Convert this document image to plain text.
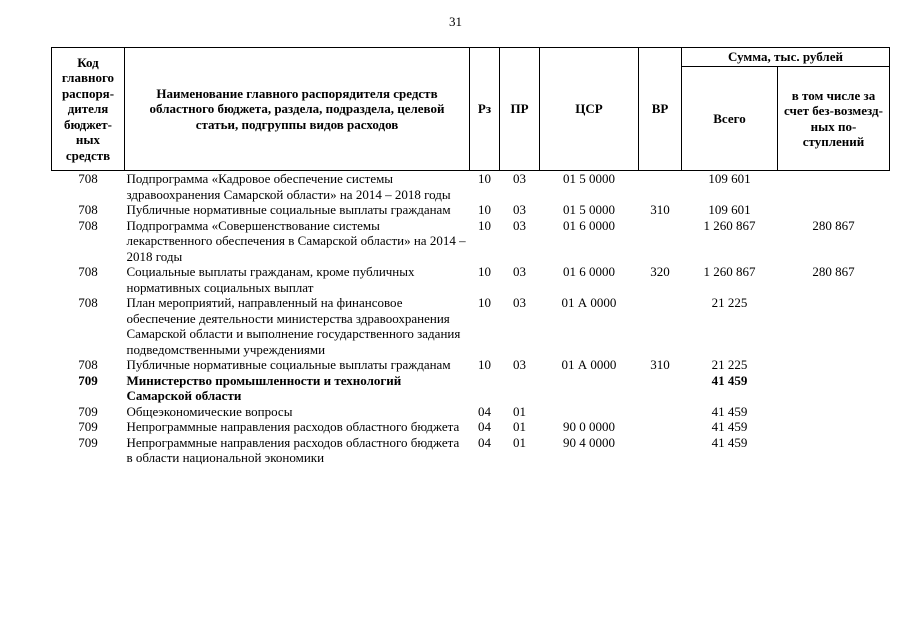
31
Код главного распоря-дителя бюджет-ных средств	Наименование главного распорядителя средств областного бюджета, раздела, подраздела, целевой статьи, подгруппы видов расходов	Рз	ПР	ЦСР	ВР	Сумма, тыс. рублей	
						Всего	в том числе за счет без-возмезд-ных по-ступлений
708	Подпрограмма «Кадровое обеспечение системы здравоохранения Самарской области» на 2014 – 2018 годы	10	03	01 5 0000		109 601	
708	Публичные нормативные социальные выплаты гражданам	10	03	01 5 0000	310	109 601	
708	Подпрограмма «Совершенствование системы лекарственного обеспечения в Самарской области» на 2014 – 2018 годы	10	03	01 6 0000		1 260 867	280 867
708	Социальные выплаты гражданам, кроме публичных нормативных социальных выплат	10	03	01 6 0000	320	1 260 867	280 867
708	План мероприятий, направленный на финансовое обеспечение деятельности министерства здравоохранения Самарской области и выполнение государственного задания подведомственными учреждениями	10	03	01 А 0000		21 225	
708	Публичные нормативные социальные выплаты гражданам	10	03	01 А 0000	310	21 225	
709	Министерство промышленности и технологий Самарской области					41 459	
709	Общеэкономические вопросы	04	01			41 459	
709	Непрограммные направления расходов областного бюджета	04	01	90 0 0000		41 459	
709	Непрограммные направления расходов областного бюджета в области национальной экономики	04	01	90 4 0000		41 459	
